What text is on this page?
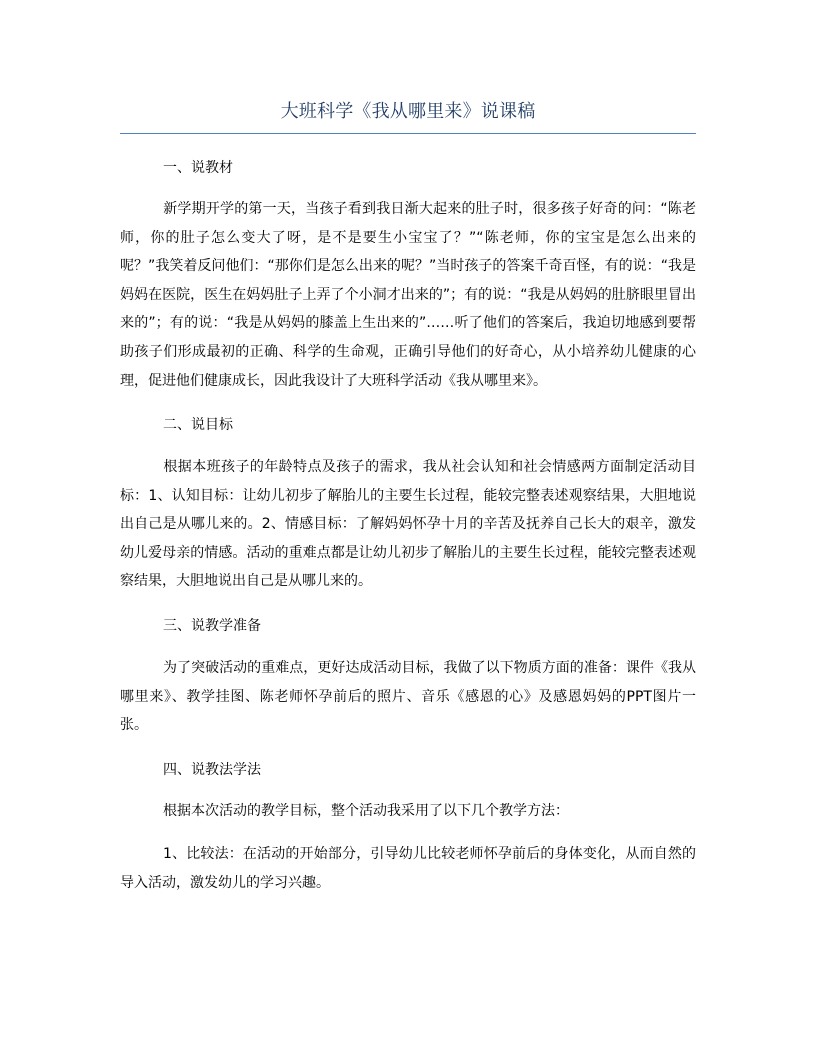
大班科学《我从哪里来》说课稿
一、说教材

新学期开学的第一天，当孩子看到我日渐大起来的肚子时，很多孩子好奇的问：“陈老师，你的肚子怎么变大了呀，是不是要生小宝宝了？”“陈老师，你的宝宝是怎么出来的呢？”我笑着反问他们：“那你们是怎么出来的呢？”当时孩子的答案千奇百怪，有的说：“我是妈妈在医院，医生在妈妈肚子上弄了个小洞才出来的”；有的说：“我是从妈妈的肚脐眼里冒出来的”；有的说：“我是从妈妈的膝盖上生出来的”……听了他们的答案后，我迫切地感到要帮助孩子们形成最初的正确、科学的生命观，正确引导他们的好奇心，从小培养幼儿健康的心理，促进他们健康成长，因此我设计了大班科学活动《我从哪里来》。

二、说目标

根据本班孩子的年龄特点及孩子的需求，我从社会认知和社会情感两方面制定活动目标：1、认知目标：让幼儿初步了解胎儿的主要生长过程，能较完整表述观察结果，大胆地说出自己是从哪儿来的。2、情感目标：了解妈妈怀孕十月的辛苦及抚养自己长大的艰辛，激发幼儿爱母亲的情感。活动的重难点都是让幼儿初步了解胎儿的主要生长过程，能较完整表述观察结果，大胆地说出自己是从哪儿来的。

三、说教学准备

为了突破活动的重难点，更好达成活动目标，我做了以下物质方面的准备：课件《我从哪里来》、教学挂图、陈老师怀孕前后的照片、音乐《感恩的心》及感恩妈妈的PPT图片一张。

四、说教法学法

根据本次活动的教学目标，整个活动我采用了以下几个教学方法：

1、比较法：在活动的开始部分，引导幼儿比较老师怀孕前后的身体变化，从而自然的导入活动，激发幼儿的学习兴趣。
